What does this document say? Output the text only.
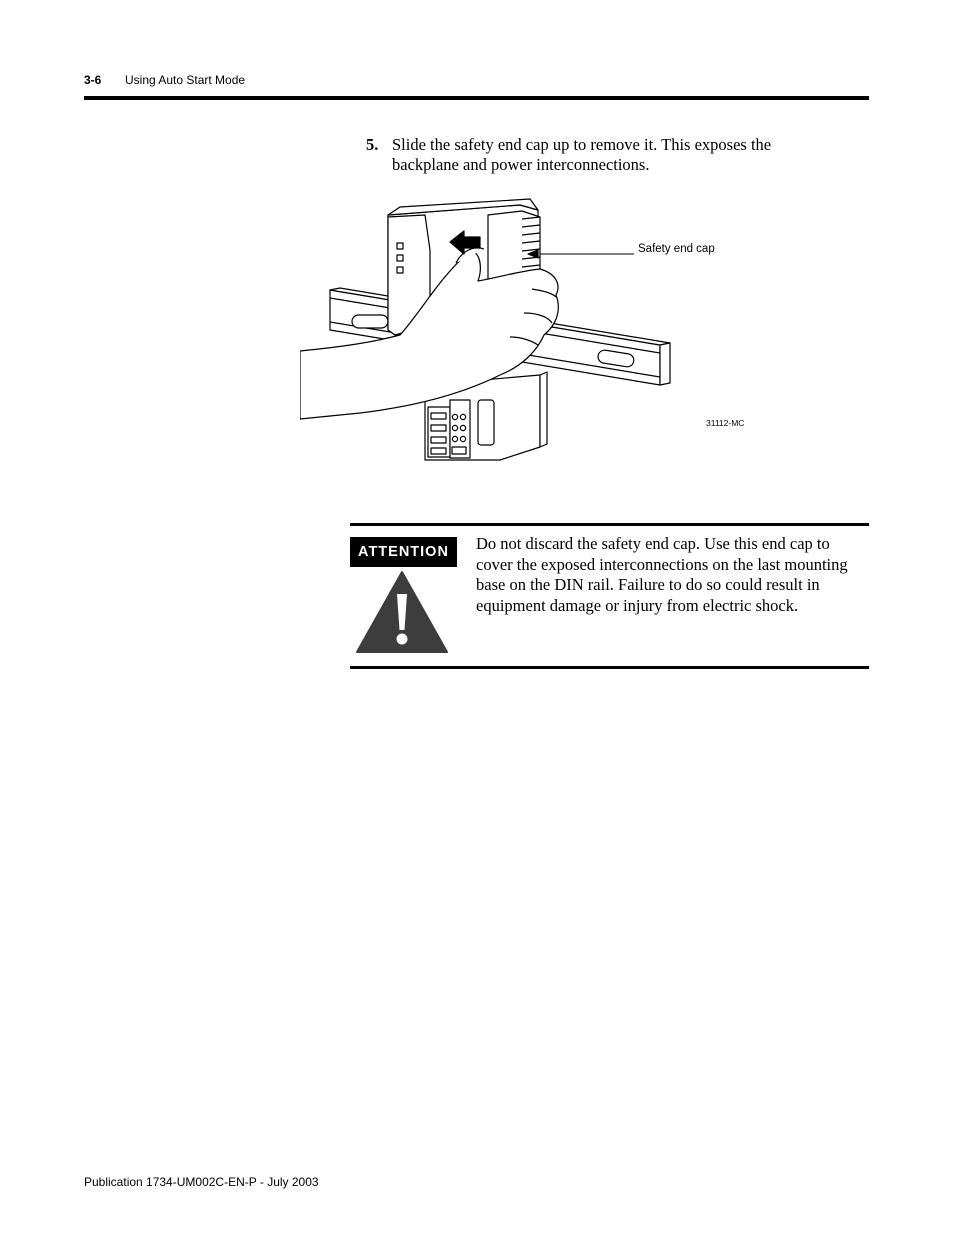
3-6 Using Auto Start Mode
5. Slide the safety end cap up to remove it. This exposes the backplane and power interconnections.
Safety end cap
31112-MC
ATTENTION	Do not discard the safety end cap. Use this end cap to cover the exposed interconnections on the last mounting base on the DIN rail. Failure to do so could result in equipment damage or injury from electric shock.
Publication 1734-UM002C-EN-P - July 2003
